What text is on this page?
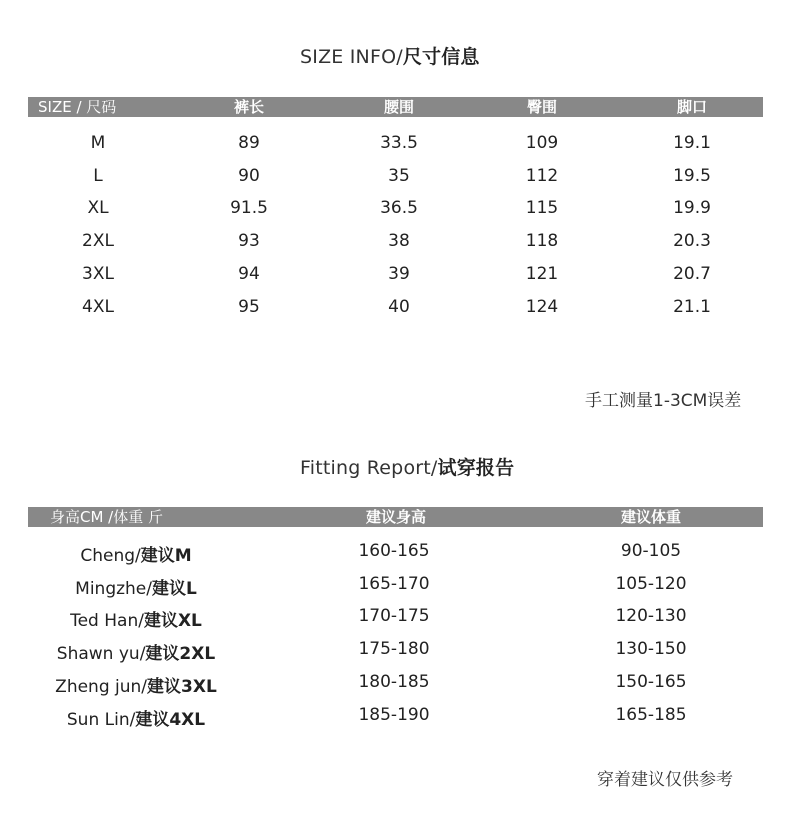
SIZE INFO/尺寸信息
SIZE / 尺码	裤长	腰围	臀围	脚口
M	89	33.5	109	19.1
L	90	35	112	19.5
XL	91.5	36.5	115	19.9
2XL	93	38	118	20.3
3XL	94	39	121	20.7
4XL	95	40	124	21.1
手工测量1-3CM误差
Fitting Report/试穿报告
身高CM /体重 斤	建议身高	建议体重
Cheng/建议M	160-165	90-105
Mingzhe/建议L	165-170	105-120
Ted Han/建议XL	170-175	120-130
Shawn yu/建议2XL	175-180	130-150
Zheng jun/建议3XL	180-185	150-165
Sun Lin/建议4XL	185-190	165-185
穿着建议仅供参考
